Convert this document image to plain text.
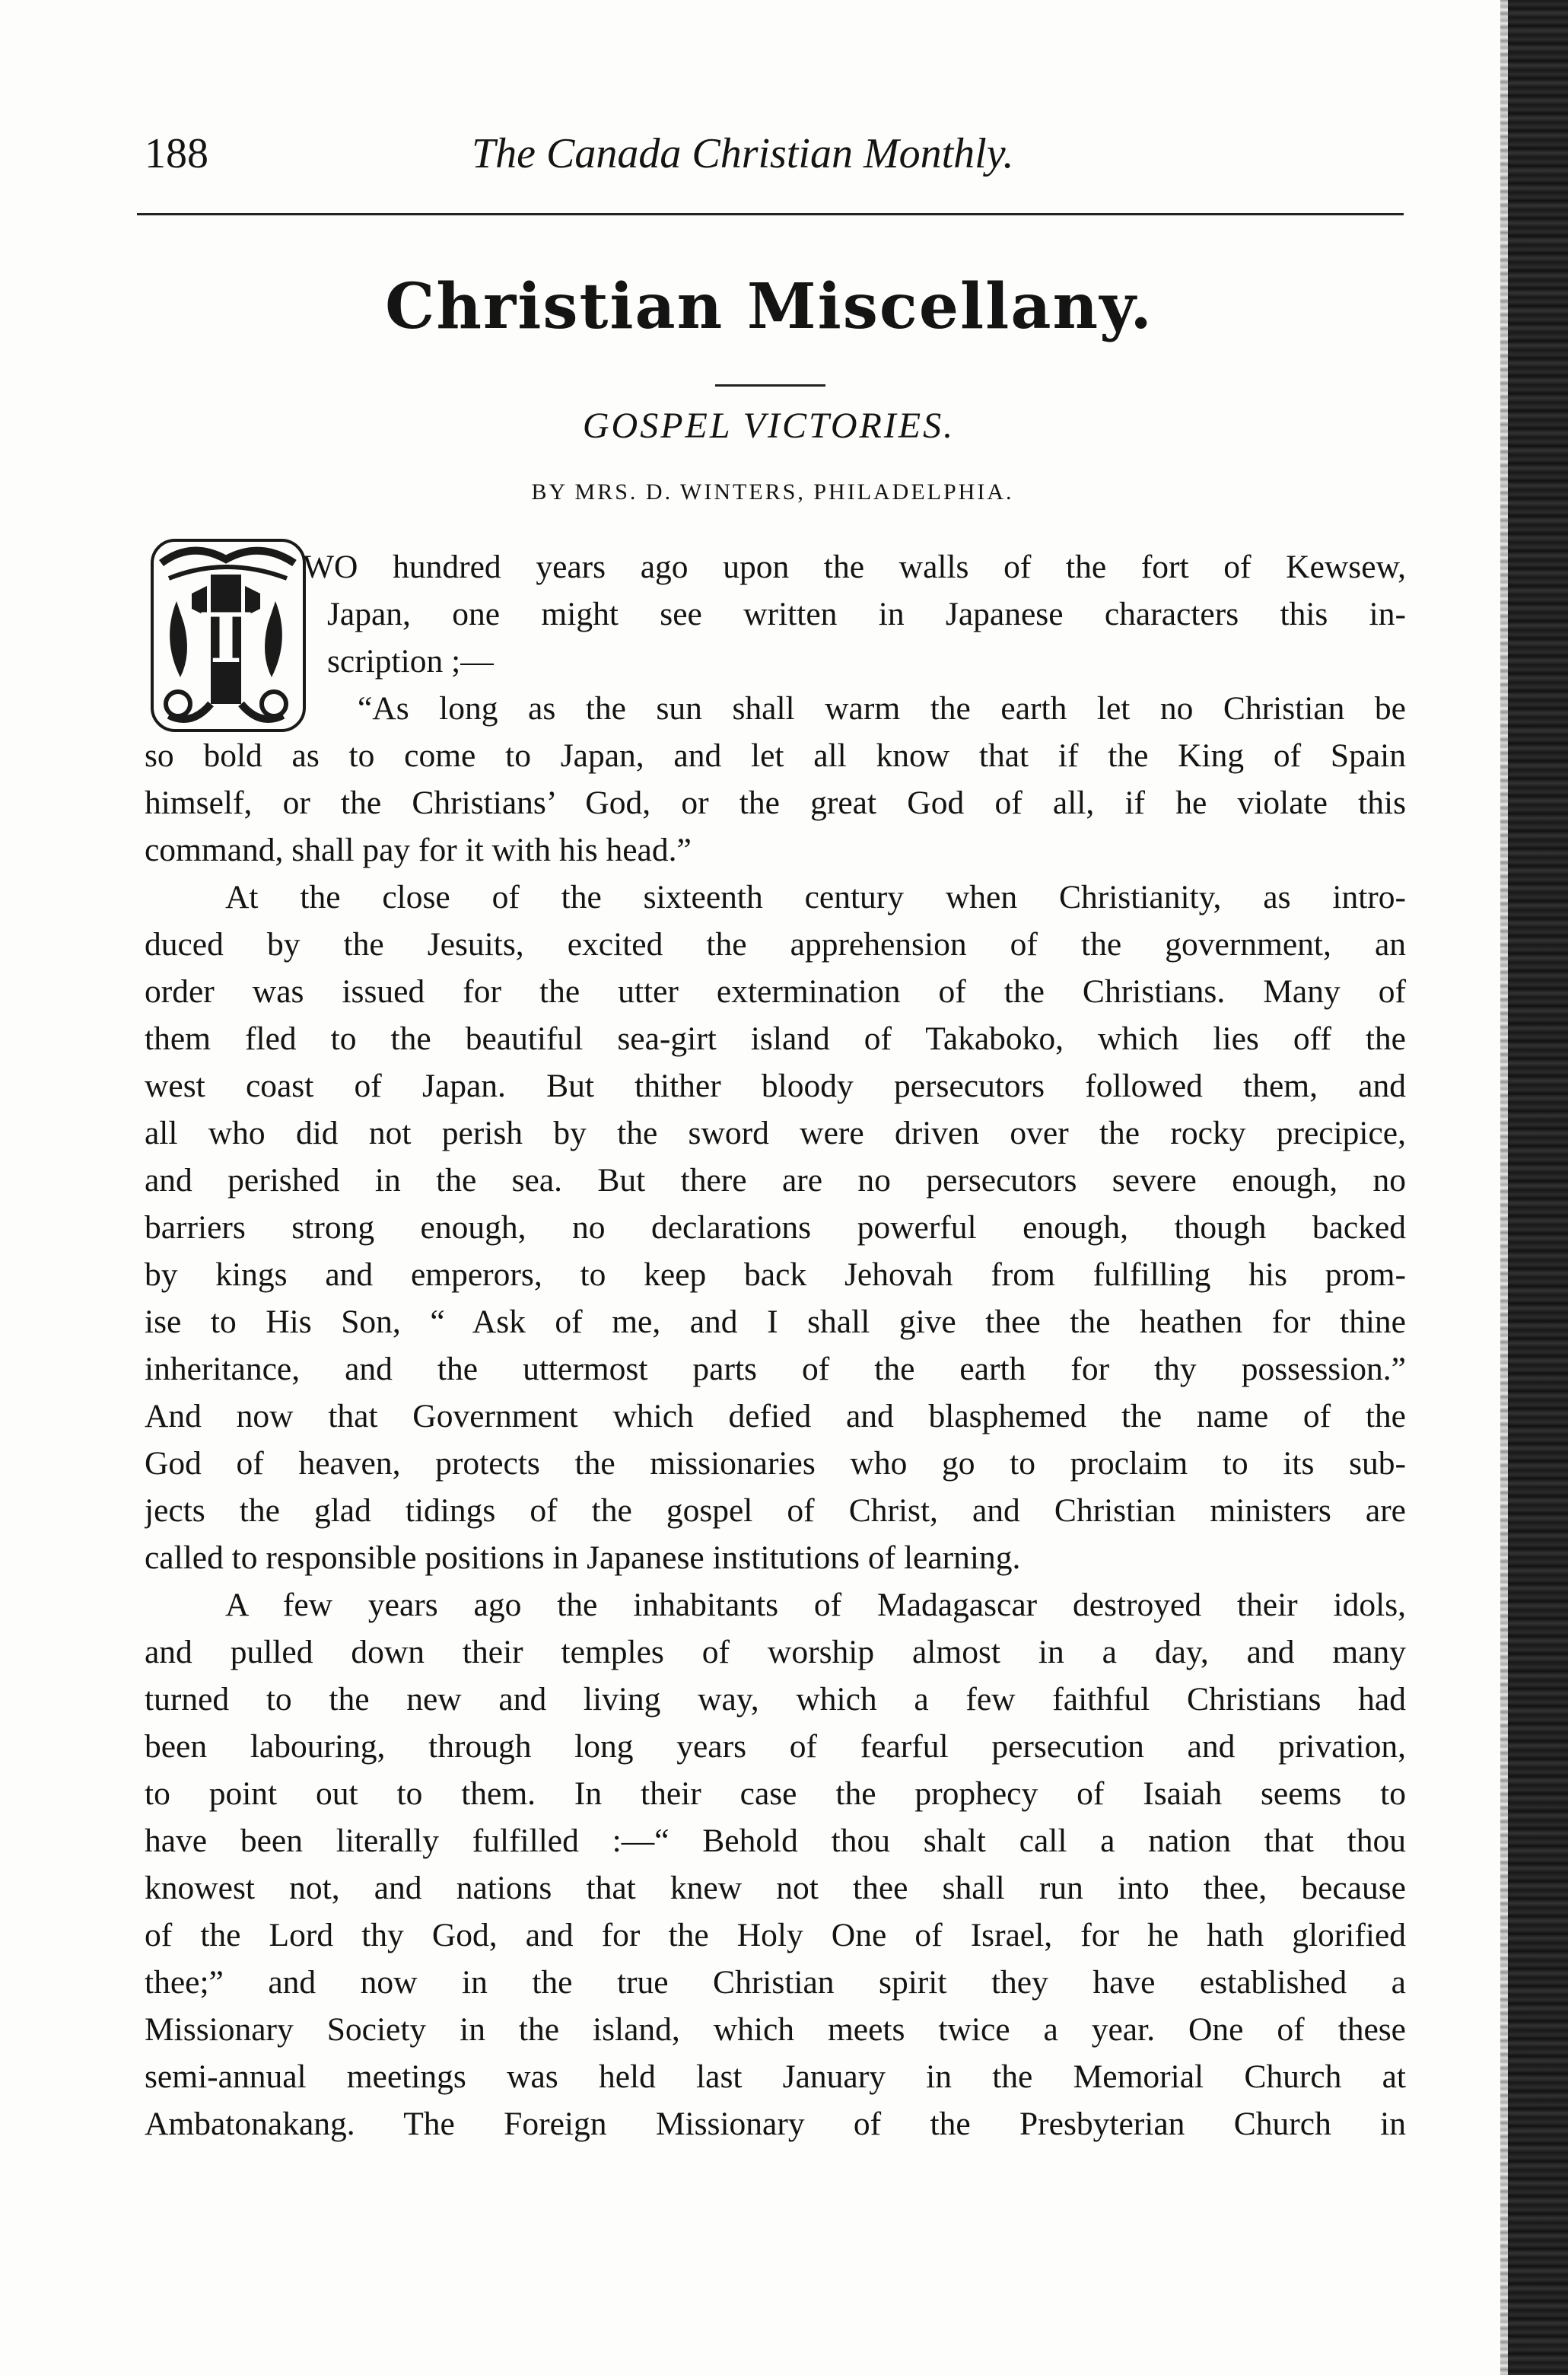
188	The Canada Christian Monthly.
Christian Miscellany.
GOSPEL VICTORIES.
BY MRS. D. WINTERS, PHILADELPHIA.
T
WO hundred years ago upon the walls of the fort of Kewsew,
Japan, one might see written in Japanese characters this in-
scription ;—
“As long as the sun shall warm the earth let no Christian be
so bold as to come to Japan, and let all know that if the King of Spain
himself, or the Christians’ God, or the great God of all, if he violate this
command, shall pay for it with his head.”
At the close of the sixteenth century when Christianity, as intro-
duced by the Jesuits, excited the apprehension of the government, an
order was issued for the utter extermination of the Christians. Many of
them fled to the beautiful sea-girt island of Takaboko, which lies off the
west coast of Japan. But thither bloody persecutors followed them, and
all who did not perish by the sword were driven over the rocky precipice,
and perished in the sea. But there are no persecutors severe enough, no
barriers strong enough, no declarations powerful enough, though backed
by kings and emperors, to keep back Jehovah from fulfilling his prom-
ise to His Son, “ Ask of me, and I shall give thee the heathen for thine
inheritance, and the uttermost parts of the earth for thy possession.”
And now that Government which defied and blasphemed the name of the
God of heaven, protects the missionaries who go to proclaim to its sub-
jects the glad tidings of the gospel of Christ, and Christian ministers are
called to responsible positions in Japanese institutions of learning.
A few years ago the inhabitants of Madagascar destroyed their idols,
and pulled down their temples of worship almost in a day, and many
turned to the new and living way, which a few faithful Christians had
been labouring, through long years of fearful persecution and privation,
to point out to them. In their case the prophecy of Isaiah seems to
have been literally fulfilled :—“ Behold thou shalt call a nation that thou
knowest not, and nations that knew not thee shall run into thee, because
of the Lord thy God, and for the Holy One of Israel, for he hath glorified
thee;” and now in the true Christian spirit they have established a
Missionary Society in the island, which meets twice a year. One of these
semi-annual meetings was held last January in the Memorial Church at
Ambatonakang. The Foreign Missionary of the Presbyterian Church in
